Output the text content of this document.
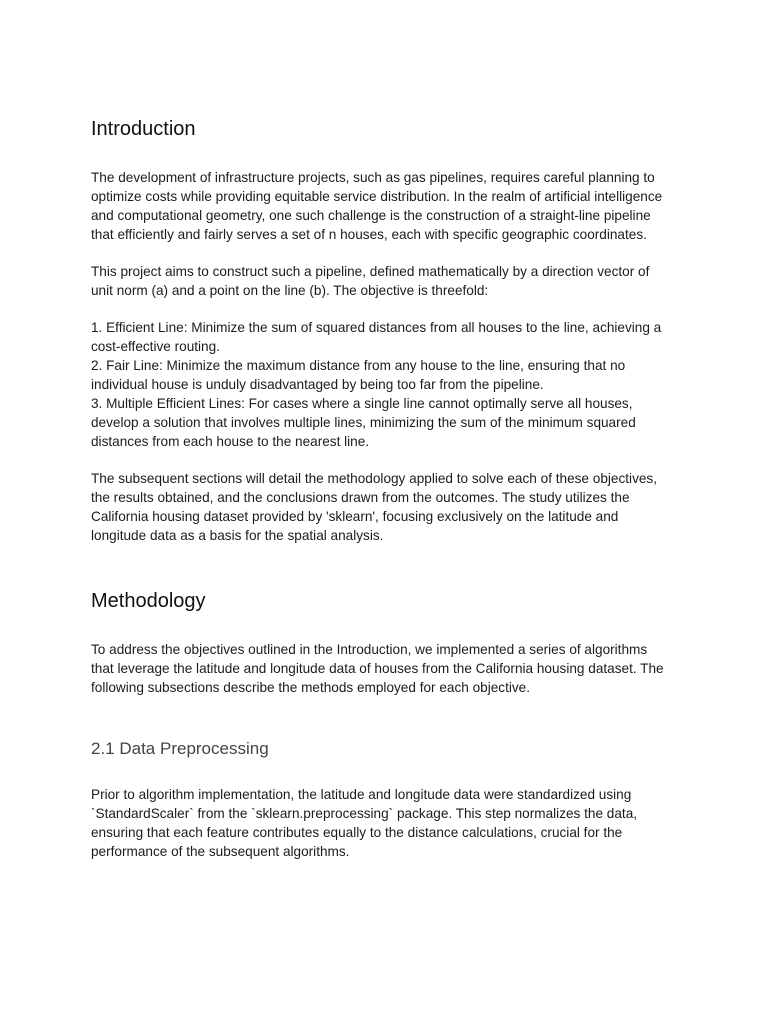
Introduction

The development of infrastructure projects, such as gas pipelines, requires careful planning to
optimize costs while providing equitable service distribution. In the realm of artificial intelligence
and computational geometry, one such challenge is the construction of a straight-line pipeline
that efficiently and fairly serves a set of n houses, each with specific geographic coordinates.

This project aims to construct such a pipeline, defined mathematically by a direction vector of
unit norm (a) and a point on the line (b). The objective is threefold:

1. Efficient Line: Minimize the sum of squared distances from all houses to the line, achieving a
cost-effective routing.
2. Fair Line: Minimize the maximum distance from any house to the line, ensuring that no
individual house is unduly disadvantaged by being too far from the pipeline.
3. Multiple Efficient Lines: For cases where a single line cannot optimally serve all houses,
develop a solution that involves multiple lines, minimizing the sum of the minimum squared
distances from each house to the nearest line.

The subsequent sections will detail the methodology applied to solve each of these objectives,
the results obtained, and the conclusions drawn from the outcomes. The study utilizes the
California housing dataset provided by 'sklearn', focusing exclusively on the latitude and
longitude data as a basis for the spatial analysis.

Methodology

To address the objectives outlined in the Introduction, we implemented a series of algorithms
that leverage the latitude and longitude data of houses from the California housing dataset. The
following subsections describe the methods employed for each objective.

2.1 Data Preprocessing

Prior to algorithm implementation, the latitude and longitude data were standardized using
`StandardScaler` from the `sklearn.preprocessing` package. This step normalizes the data,
ensuring that each feature contributes equally to the distance calculations, crucial for the
performance of the subsequent algorithms.
